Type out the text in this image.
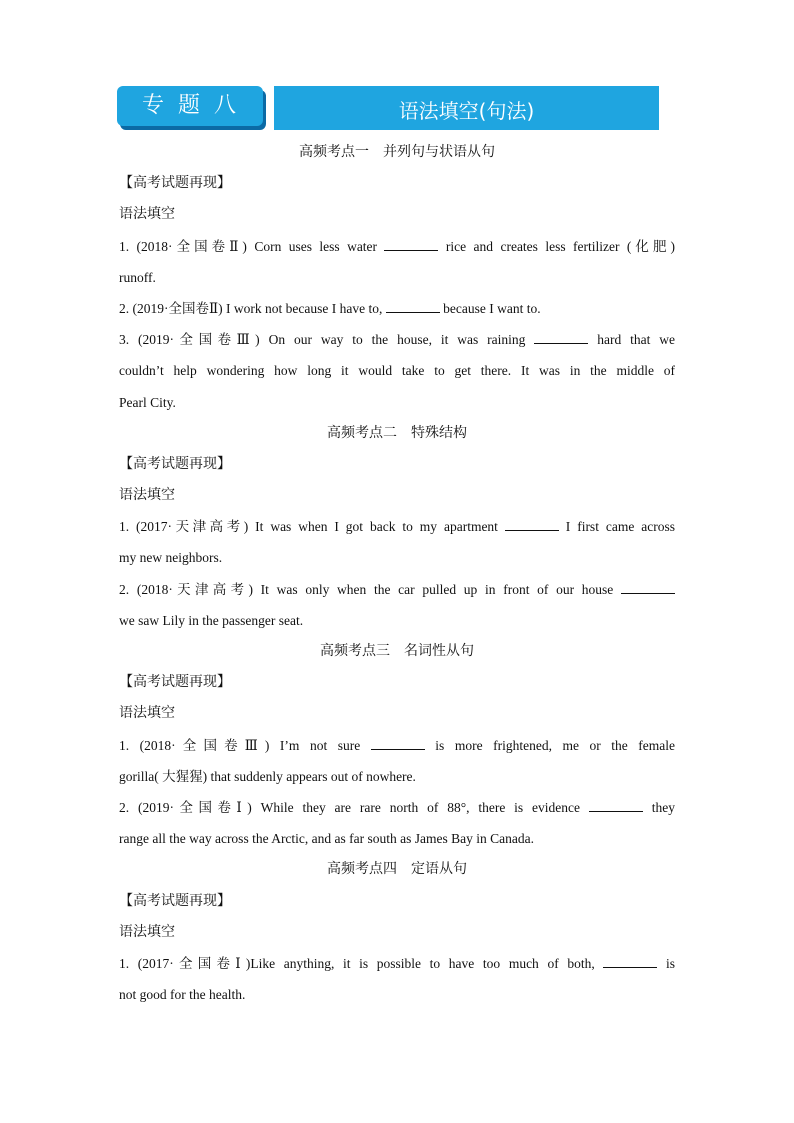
专题八	语法填空(句法)
高频考点一　并列句与状语从句
【高考试题再现】
语法填空
1. (2018·全国卷Ⅱ) Corn uses less water	rice and creates less fertilizer (化肥)
runoff.
2. (2019·全国卷Ⅱ) I work not because I have to,	because I want to.
3. (2019·全国卷Ⅲ) On our way to the house, it was raining	hard that we
couldn’t help wondering how long it would take to get there. It was in the middle of
Pearl City.
高频考点二　特殊结构
【高考试题再现】
语法填空
1. (2017·天津高考) It was when I got back to my apartment	I first came across
my new neighbors.
2. (2018·天津高考) It was only when the car pulled up in front of our house
we saw Lily in the passenger seat.
高频考点三　名词性从句
【高考试题再现】
语法填空
1. (2018·全国卷Ⅲ) I’m not sure	is more frightened, me or the female
gorilla( 大猩猩) that suddenly appears out of nowhere.
2. (2019·全国卷Ⅰ) While they are rare north of 88°, there is evidence	they
range all the way across the Arctic, and as far south as James Bay in Canada.
高频考点四　定语从句
【高考试题再现】
语法填空
1. (2017·全国卷Ⅰ)Like anything, it is possible to have too much of both,	is
not good for the health.
